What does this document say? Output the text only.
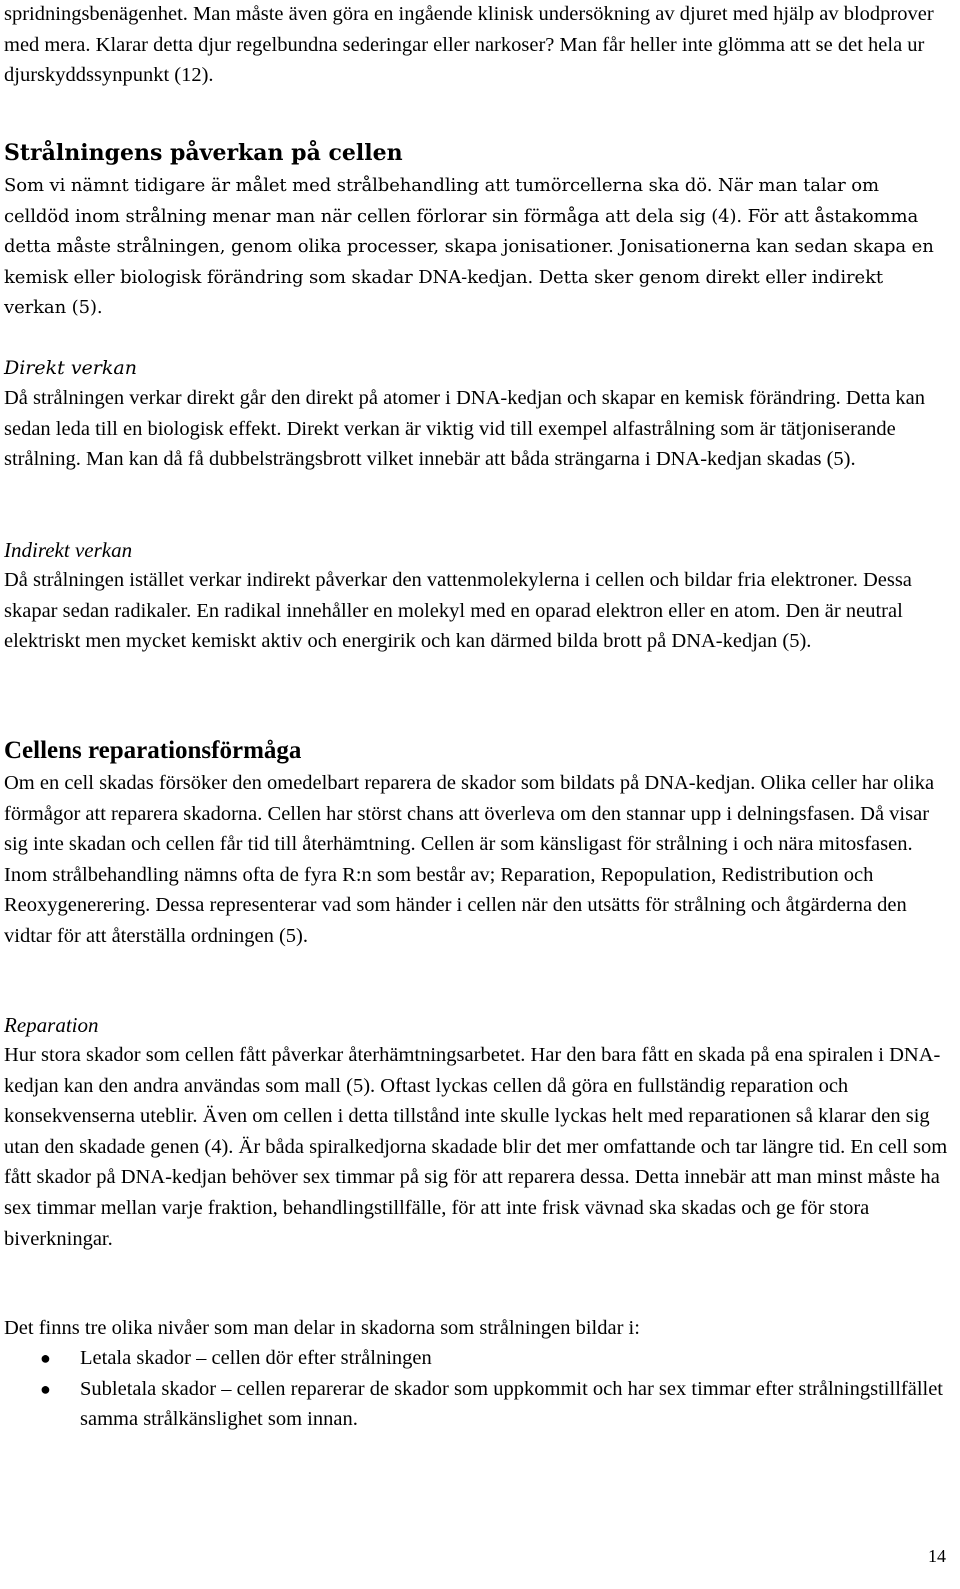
spridningsbenägenhet. Man måste även göra en ingående klinisk undersökning av djuret med hjälp av blodprover med mera. Klarar detta djur regelbundna sederingar eller narkoser? Man får heller inte glömma att se det hela ur djurskyddssynpunkt (12).

Strålningens påverkan på cellen

Som vi nämnt tidigare är målet med strålbehandling att tumörcellerna ska dö. När man talar om celldöd inom strålning menar man när cellen förlorar sin förmåga att dela sig (4). För att åstakomma detta måste strålningen, genom olika processer, skapa jonisationer. Jonisationerna kan sedan skapa en kemisk eller biologisk förändring som skadar DNA-kedjan. Detta sker genom direkt eller indirekt verkan (5).

Direkt verkan

Då strålningen verkar direkt går den direkt på atomer i DNA-kedjan och skapar en kemisk förändring. Detta kan sedan leda till en biologisk effekt. Direkt verkan är viktig vid till exempel alfastrålning som är tätjoniserande strålning. Man kan då få dubbelsträngsbrott vilket innebär att båda strängarna i DNA-kedjan skadas (5).

Indirekt verkan

Då strålningen istället verkar indirekt påverkar den vattenmolekylerna i cellen och bildar fria elektroner. Dessa skapar sedan radikaler. En radikal innehåller en molekyl med en oparad elektron eller en atom. Den är neutral elektriskt men mycket kemiskt aktiv och energirik och kan därmed bilda brott på DNA-kedjan (5).

Cellens reparationsförmåga

Om en cell skadas försöker den omedelbart reparera de skador som bildats på DNA-kedjan. Olika celler har olika förmågor att reparera skadorna. Cellen har störst chans att överleva om den stannar upp i delningsfasen. Då visar sig inte skadan och cellen får tid till återhämtning. Cellen är som känsligast för strålning i och nära mitosfasen. Inom strålbehandling nämns ofta de fyra R:n som består av; Reparation, Repopulation, Redistribution och Reoxygenerering. Dessa representerar vad som händer i cellen när den utsätts för strålning och åtgärderna den vidtar för att återställa ordningen (5).

Reparation

Hur stora skador som cellen fått påverkar återhämtningsarbetet. Har den bara fått en skada på ena spiralen i DNA-kedjan kan den andra användas som mall (5). Oftast lyckas cellen då göra en fullständig reparation och konsekvenserna uteblir. Även om cellen i detta tillstånd inte skulle lyckas helt med reparationen så klarar den sig utan den skadade genen (4). Är båda spiralkedjorna skadade blir det mer omfattande och tar längre tid. En cell som fått skador på DNA-kedjan behöver sex timmar på sig för att reparera dessa. Detta innebär att man minst måste ha sex timmar mellan varje fraktion, behandlingstillfälle, för att inte frisk vävnad ska skadas och ge för stora biverkningar.

Det finns tre olika nivåer som man delar in skadorna som strålningen bildar i:

● Letala skador – cellen dör efter strålningen
● Subletala skador – cellen reparerar de skador som uppkommit och har sex timmar efter strålningstillfället samma strålkänslighet som innan.
14
